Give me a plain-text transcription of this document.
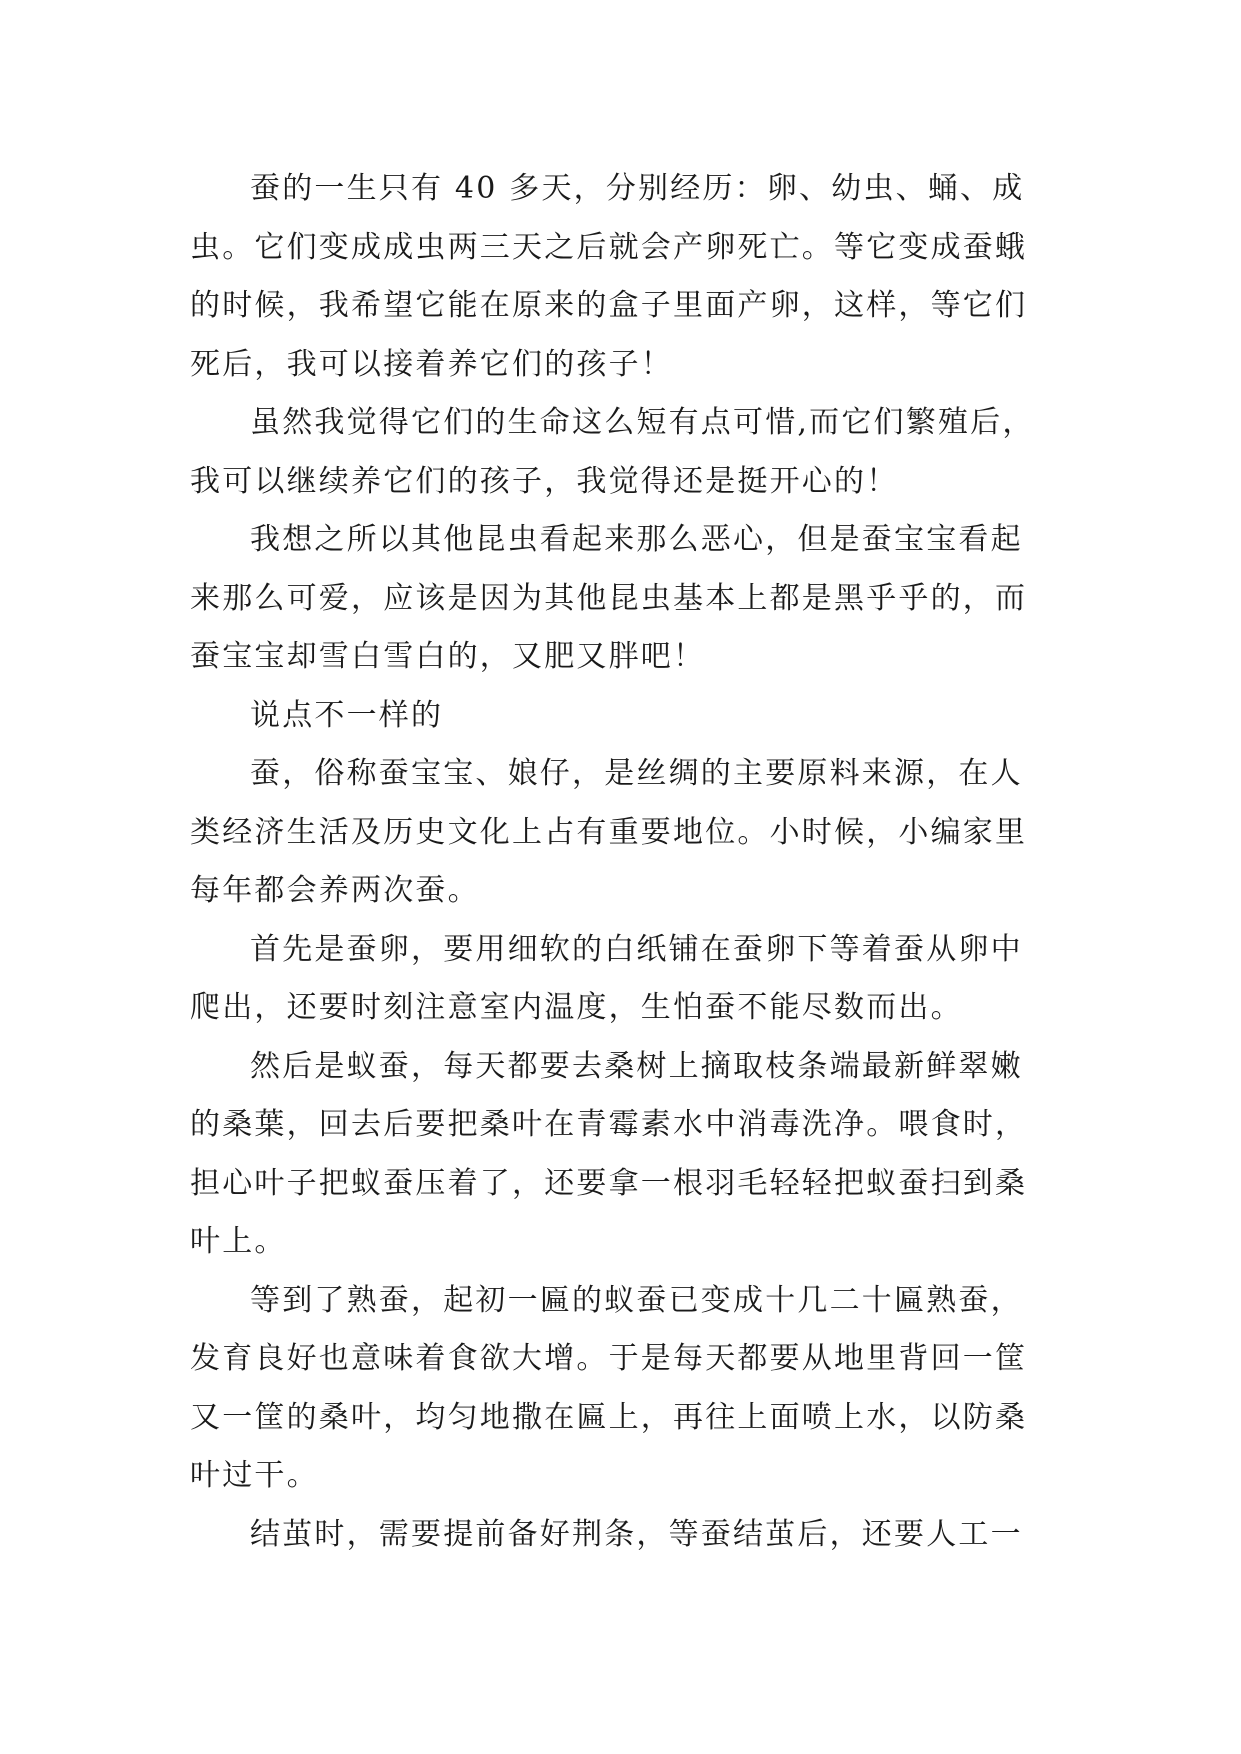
蚕的一生只有 40 多天，分别经历：卵、幼虫、蛹、成
虫。它们变成成虫两三天之后就会产卵死亡。等它变成蚕蛾
的时候，我希望它能在原来的盒子里面产卵，这样，等它们
死后，我可以接着养它们的孩子！

虽然我觉得它们的生命这么短有点可惜,而它们繁殖后，
我可以继续养它们的孩子，我觉得还是挺开心的！

我想之所以其他昆虫看起来那么恶心，但是蚕宝宝看起
来那么可爱，应该是因为其他昆虫基本上都是黑乎乎的，而
蚕宝宝却雪白雪白的，又肥又胖吧！

说点不一样的

蚕，俗称蚕宝宝、娘仔，是丝绸的主要原料来源，在人
类经济生活及历史文化上占有重要地位。小时候，小编家里
每年都会养两次蚕。

首先是蚕卵，要用细软的白纸铺在蚕卵下等着蚕从卵中
爬出，还要时刻注意室内温度，生怕蚕不能尽数而出。

然后是蚁蚕，每天都要去桑树上摘取枝条端最新鲜翠嫩
的桑葉，回去后要把桑叶在青霉素水中消毒洗净。喂食时，
担心叶子把蚁蚕压着了，还要拿一根羽毛轻轻把蚁蚕扫到桑
叶上。

等到了熟蚕，起初一匾的蚁蚕已变成十几二十匾熟蚕，
发育良好也意味着食欲大增。于是每天都要从地里背回一筐
又一筐的桑叶，均匀地撒在匾上，再往上面喷上水，以防桑
叶过干。

结茧时，需要提前备好荆条，等蚕结茧后，还要人工一
